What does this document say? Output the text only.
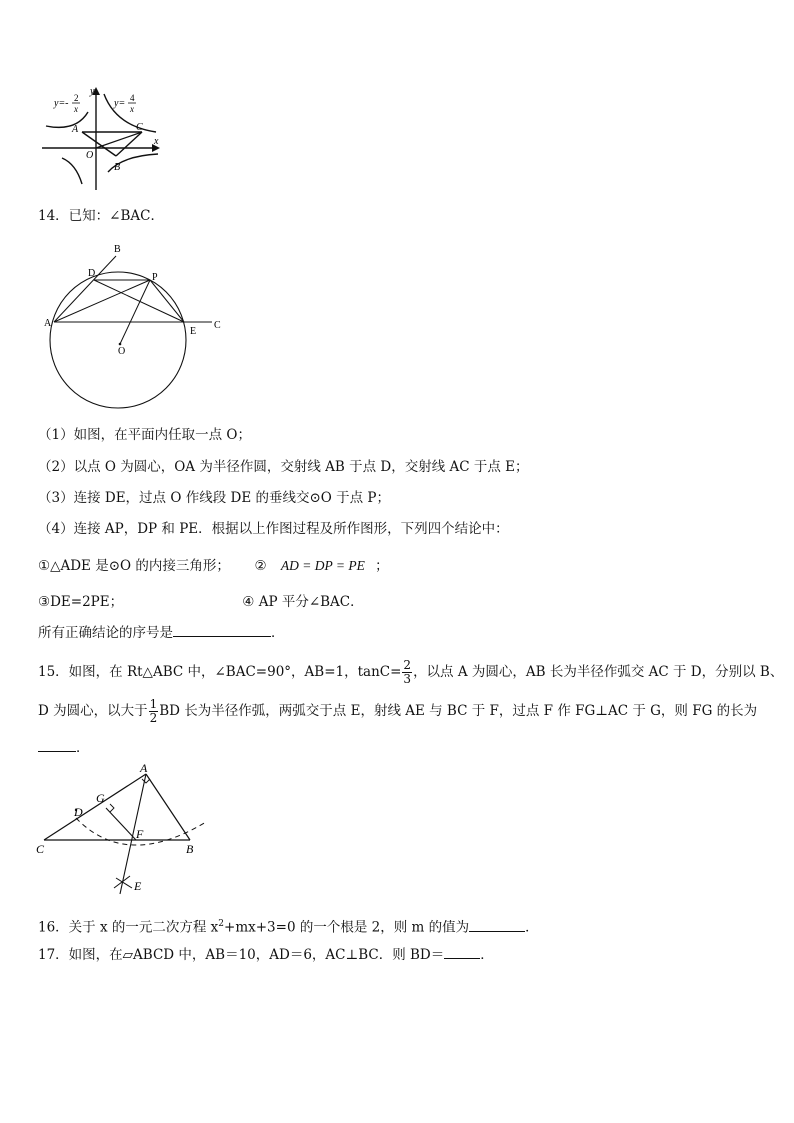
y=- 2
x	y= 4
x
y
x
A	C
O
B
14．已知：∠BAC．
B
D	P
A
E
C
O
（1）如图，在平面内任取一点 O；
（2）以点 O 为圆心，OA 为半径作圆，交射线 AB 于点 D，交射线 AC 于点 E；
（3）连接 DE，过点 O 作线段 DE 的垂线交⊙O 于点 P；
（4）连接 AP，DP 和 PE．根据以上作图过程及所作图形，下列四个结论中：
①△ADE 是⊙O 的内接三角形； ② AD = DP = PE ；
③DE=2PE；	④ AP 平分∠BAC．
所有正确结论的序号是	．
15．如图，在 Rt△ABC 中，∠BAC=90°，AB=1，$\tan C= \frac{2}{3}$ ，以点 A 为圆心，AB 长为半径作弧交 AC 于 D，分别以 B、
D 为圆心，以大于 $\frac{1}{2}$ BD 长为半径作弧，两弧交于点 E，射线 AE 与 BC 于 F，过点 F 作 FG⊥AC 于 G，则 FG 的长为
．
A
G
D
F
C	B
E
16．关于 x 的一元二次方程 $x^2+mx+3=0$ 的一个根是 2，则 m 的值为	．
17．如图，在▱ABCD 中，AB＝10，AD＝6，AC⊥BC．则 BD＝	．
